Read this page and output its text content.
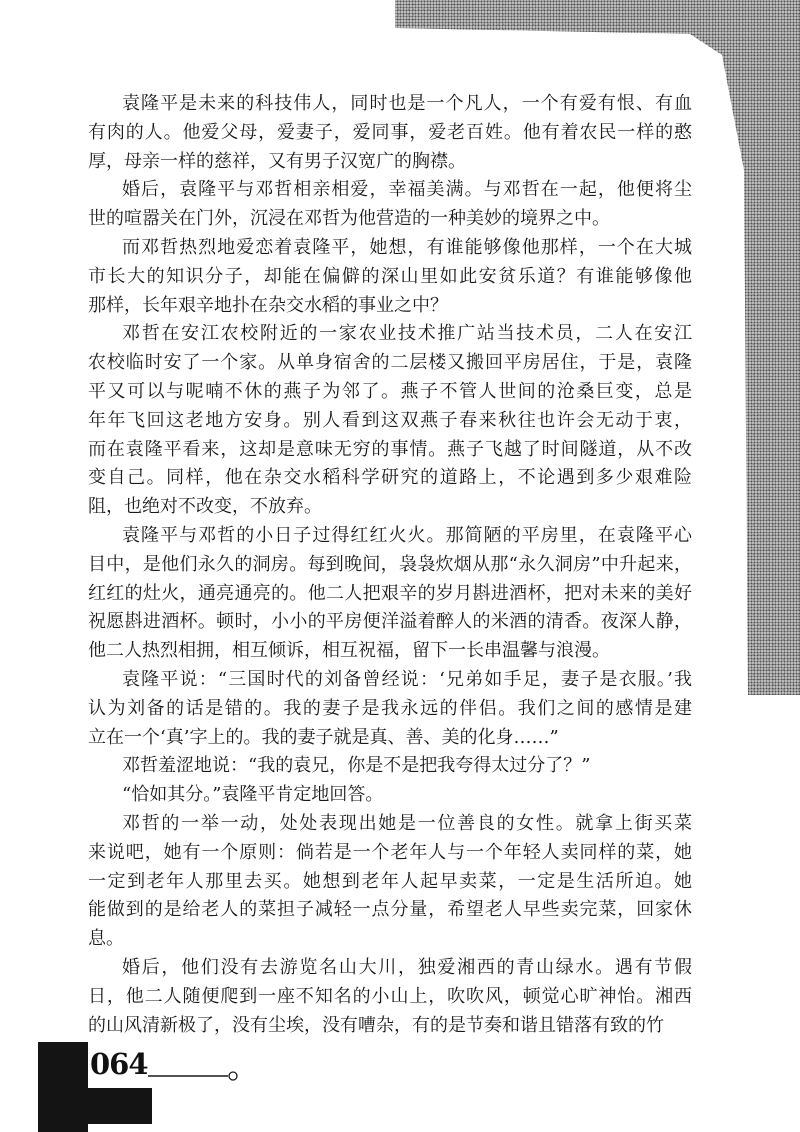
袁隆平是未来的科技伟人，同时也是一个凡人，一个有爱有恨、有血
有肉的人。他爱父母，爱妻子，爱同事，爱老百姓。他有着农民一样的憨
厚，母亲一样的慈祥，又有男子汉宽广的胸襟。
婚后，袁隆平与邓哲相亲相爱，幸福美满。与邓哲在一起，他便将尘
世的喧嚣关在门外，沉浸在邓哲为他营造的一种美妙的境界之中。
而邓哲热烈地爱恋着袁隆平，她想，有谁能够像他那样，一个在大城
市长大的知识分子，却能在偏僻的深山里如此安贫乐道？有谁能够像他
那样，长年艰辛地扑在杂交水稻的事业之中？
邓哲在安江农校附近的一家农业技术推广站当技术员，二人在安江
农校临时安了一个家。从单身宿舍的二层楼又搬回平房居住，于是，袁隆
平又可以与呢喃不休的燕子为邻了。燕子不管人世间的沧桑巨变，总是
年年飞回这老地方安身。别人看到这双燕子春来秋往也许会无动于衷，
而在袁隆平看来，这却是意味无穷的事情。燕子飞越了时间隧道，从不改
变自己。同样，他在杂交水稻科学研究的道路上，不论遇到多少艰难险
阻，也绝对不改变，不放弃。
袁隆平与邓哲的小日子过得红红火火。那简陋的平房里，在袁隆平心
目中，是他们永久的洞房。每到晚间，袅袅炊烟从那“永久洞房”中升起来，
红红的灶火，通亮通亮的。他二人把艰辛的岁月斟进酒杯，把对未来的美好
祝愿斟进酒杯。顿时，小小的平房便洋溢着醉人的米酒的清香。夜深人静，
他二人热烈相拥，相互倾诉，相互祝福，留下一长串温馨与浪漫。
袁隆平说：“三国时代的刘备曾经说：‘兄弟如手足，妻子是衣服。’我
认为刘备的话是错的。我的妻子是我永远的伴侣。我们之间的感情是建
立在一个‘真’字上的。我的妻子就是真、善、美的化身……”
邓哲羞涩地说：“我的袁兄，你是不是把我夸得太过分了？”
“恰如其分。”袁隆平肯定地回答。
邓哲的一举一动，处处表现出她是一位善良的女性。就拿上街买菜
来说吧，她有一个原则：倘若是一个老年人与一个年轻人卖同样的菜，她
一定到老年人那里去买。她想到老年人起早卖菜，一定是生活所迫。她
能做到的是给老人的菜担子减轻一点分量，希望老人早些卖完菜，回家休
息。
婚后，他们没有去游览名山大川，独爱湘西的青山绿水。遇有节假
日，他二人随便爬到一座不知名的小山上，吹吹风，顿觉心旷神怡。湘西
的山风清新极了，没有尘埃，没有嘈杂，有的是节奏和谐且错落有致的竹
064
